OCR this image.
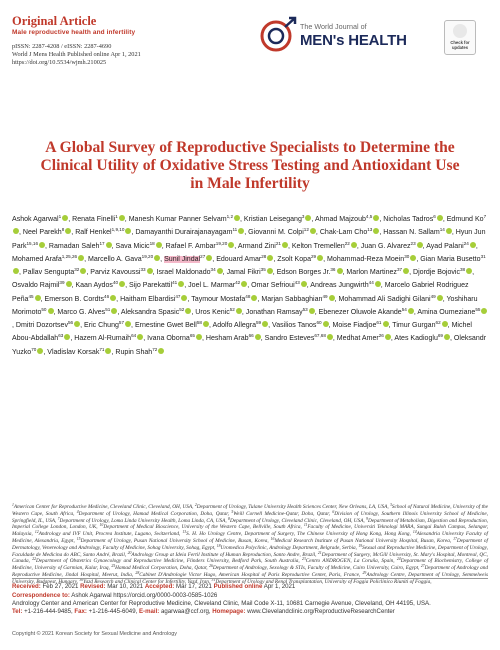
Original Article
Male reproductive health and infertility
pISSN: 2287-4208 / eISSN: 2287-4690
World J Mens Health Published online Apr 1, 2021
https://doi.org/10.5534/wjmh.210025
The World Journal of
MEN's HEALTH	Check for updates
A Global Survey of Reproductive Specialists to Determine the Clinical Utility of Oxidative Stress Testing and Antioxidant Use in Male Infertility
Ashok Agarwal$^1$ , Renata Finelli$^1$ , Manesh Kumar Panner Selvam$^{1,2}$ , Kristian Leisegang$^3$ , Ahmad Majzoub$^{4,5}$ , Nicholas Tadros$^6$ , Edmund Ko$^7$, Neel Parekh$^8$ , Ralf Henkel$^{1,9,10}$ , Damayanthi Durairajanayagam$^{11}$ , Giovanni M. Colpi$^{12}$ , Chak-Lam Cho$^{13}$ , Hassan N. Sallam$^{14}$ , Hyun Jun Park$^{15,16}$ , Ramadan Saleh$^{17}$ , Sava Micic$^{18}$ , Rafael F. Ambar$^{19,20}$ , Armand Zini$^{21}$ , Kelton Tremellen$^{22}$ , Juan G. Alvarez$^{23}$ , Ayad Palani$^{24}$ , Mohamed Arafa$^{1,25,26}$ , Marcello A. Gava$^{19,20}$ , Sunil Jindal$^{27}$ , Edouard Amar$^{28}$ , Zsolt Kopa$^{29}$ , Mohammad-Reza Moein$^{30}$ , Gian Maria Busetto$^{31}$, Pallav Sengupta$^{32}$ , Parviz Kavoussi$^{33}$ , Israel Maldonado$^{34}$ , Jamal Fikri$^{35}$ , Edson Borges Jr.$^{36}$ , Marlon Martinez$^{37}$ , Djordje Bojovic$^{38}$ , Osvaldo Rajmil$^{39}$ , Kaan Aydos$^{40}$ , Sijo Parekattil$^{41}$ , Joel L. Marmar$^{42}$ , Omar Sefrioui$^{43}$ , Andreas Jungwirth$^{44}$ , Marcelo Gabriel Rodriguez Peña$^{45}$ , Emerson B. Cordts$^{46}$ , Haitham Elbardisi$^{47}$ , Taymour Mostafa$^{48}$ , Marjan Sabbaghian$^{49}$ , Mohammad Ali Sadighi Gilani$^{49}$ , Yoshiharu Morimoto$^{50}$ , Marco G. Alves$^{51}$ , Aleksandra Spasic$^{52}$ , Uros Kenic$^{52}$ , Jonathan Ramsay$^{53}$ , Ebenezer Oluwole Akande$^{54}$ , Amina Oumeziane$^{55}$, Dmitri Dozortsev$^{56}$ , Eric Chung$^{57}$ , Ernestine Gwet Bell$^{58}$ , Adolfo Allegra$^{59}$ , Vasilios Tanos$^{60}$ , Moise Fiadjoe$^{61}$ , Timur Gurgan$^{62}$ , Michel Abou-Abdallah$^{63}$ , Hazem Al-Rumaih$^{64}$ , Ivana Oborna$^{65}$ , Hesham Arab$^{66}$ , Sandro Esteves$^{67,68}$ , Medhat Amer$^{26}$ , Ates Kadioglu$^{69}$ , Oleksandr Yuzko$^{70}$ , Vladislav Korsak$^{71}$ , Rupin Shah$^{72}$
$^1$American Center for Reproductive Medicine, Cleveland Clinic, Cleveland, OH, USA, $^2$Department of Urology, Tulane University Health Sciences Center, New Orleans, LA, USA, $^3$School of Natural Medicine, University of the Western Cape, South Africa, $^4$Department of Urology, Hamad Medical Corporation, Doha, Qatar, $^5$Weill Cornell Medicine-Qatar, Doha, Qatar, $^6$Division of Urology, Southern Illinois University School of Medicine, Springfield, IL, USA, $^7$Department of Urology, Loma Linda University Health, Loma Linda, CA, USA, $^8$Department of Urology, Cleveland Clinic, Cleveland, OH, USA, $^9$Department of Metabolism, Digestion and Reproduction, Imperial College London, London, UK, $^{10}$Department of Medical Bioscience, University of the Western Cape, Bellville, South Africa, $^{11}$Faculty of Medicine, Universiti Teknologi MARA, Sungai Buloh Campus, Selangor, Malaysia, $^{12}$Andrology and IVF Unit, Procrea Institute, Lugano, Switzerland, $^{13}$S. H. Ho Urology Centre, Department of Surgery, The Chinese University of Hong Kong, Hong Kong, $^{14}$Alexandria University Faculty of Medicine, Alexandria, Egypt, $^{15}$Department of Urology, Pusan National University School of Medicine, Busan, Korea, $^{16}$Medical Research Institute of Pusan National University Hospital, Busan, Korea, $^{17}$Department of Dermatology, Venereology and Andrology, Faculty of Medicine, Sohag University, Sohag, Egypt, $^{18}$Uromedica Polyclinic, Andrology Department, Belgrade, Serbia, $^{19}$Sexual and Reproductive Medicine, Department of Urology, Faculdade de Medicina do ABC, Santo André, Brazil, $^{20}$Andrology Group at Ideia Fertil Institute of Human Reproduction, Santo Andre, Brazil, $^{21}$Department of Surgery, McGill University, St. Mary's Hospital, Montreal, QC, Canada, $^{22}$Department of Obstetrics Gynaecology and Reproductive Medicine, Flinders University, Bedford Park, South Australia, $^{23}$Centro ANDROGEN, La Coruña, Spain, $^{24}$Department of Biochemistry, College of Medicine, University of Garmian, Kalar, Iraq, $^{25}$Hamad Medical Corporation, Doha, Qatar, $^{26}$Department of Andrology, Sexology & STIs, Faculty of Medicine, Cairo University, Cairo, Egypt, $^{27}$Department of Andrology and Reproductive Medicine, Jindal Hospital, Meerut, India, $^{28}$Cabinet D'Andrologie Victor Hugo, American Hospital of Paris Reproductive Center, Paris, France, $^{29}$Andrology Centre, Department of Urology, Semmelweis University, Budapest, Hungary, $^{30}$Yazd Research and Clinical Center for Infertility, Yazd, Iran, $^{31}$Department of Urology and Renal Transplantation, University of Foggia Policlinico Riuniti of Foggia,
Received: Feb 27, 2021 Revised: Mar 10, 2021 Accepted: Mar 17, 2021 Published online Apr 1, 2021
Correspondence to: Ashok Agarwal https://orcid.org/0000-0003-0585-1026
Andrology Center and American Center for Reproductive Medicine, Cleveland Clinic, Mail Code X-11, 10681 Carnegie Avenue, Cleveland, OH 44195, USA.
Tel: +1-216-444-9485, Fax: +1-216-445-6049, E-mail: agarwaa@ccf.org, Homepage: www.Clevelandclinic.org/ReproductiveResearchCenter
Copyright © 2021 Korean Society for Sexual Medicine and Andrology
